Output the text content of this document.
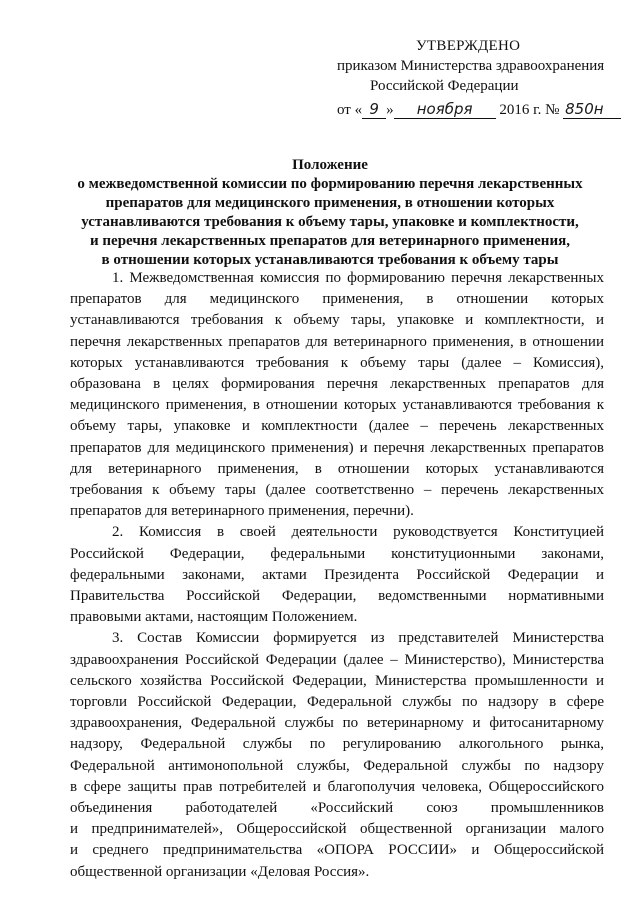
УТВЕРЖДЕНО
приказом Министерства здравоохранения
Российской Федерации
от « 9 » ноября 2016 г. № 850н
Положение
о межведомственной комиссии по формированию перечня лекарственных
препаратов для медицинского применения, в отношении которых
устанавливаются требования к объему тары, упаковке и комплектности,
и перечня лекарственных препаратов для ветеринарного применения,
в отношении которых устанавливаются требования к объему тары
1. Межведомственная комиссия по формированию перечня лекарственных
препаратов для медицинского применения, в отношении которых
устанавливаются требования к объему тары, упаковке и комплектности, и
перечня лекарственных препаратов для ветеринарного применения, в отношении
которых устанавливаются требования к объему тары (далее – Комиссия),
образована в целях формирования перечня лекарственных препаратов для
медицинского применения, в отношении которых устанавливаются требования к
объему тары, упаковке и комплектности (далее – перечень лекарственных
препаратов для медицинского применения) и перечня лекарственных препаратов
для ветеринарного применения, в отношении которых устанавливаются
требования к объему тары (далее соответственно – перечень лекарственных
препаратов для ветеринарного применения, перечни).
2. Комиссия в своей деятельности руководствуется Конституцией
Российской Федерации, федеральными конституционными законами,
федеральными законами, актами Президента Российской Федерации и
Правительства Российской Федерации, ведомственными нормативными
правовыми актами, настоящим Положением.
3. Состав Комиссии формируется из представителей Министерства
здравоохранения Российской Федерации (далее – Министерство), Министерства
сельского хозяйства Российской Федерации, Министерства промышленности и
торговли Российской Федерации, Федеральной службы по надзору в сфере
здравоохранения, Федеральной службы по ветеринарному и фитосанитарному
надзору, Федеральной службы по регулированию алкогольного рынка,
Федеральной антимонопольной службы, Федеральной службы по надзору
в сфере защиты прав потребителей и благополучия человека, Общероссийского
объединения работодателей «Российский союз промышленников
и предпринимателей», Общероссийской общественной организации малого
и среднего предпринимательства «ОПОРА РОССИИ» и Общероссийской
общественной организации «Деловая Россия».
